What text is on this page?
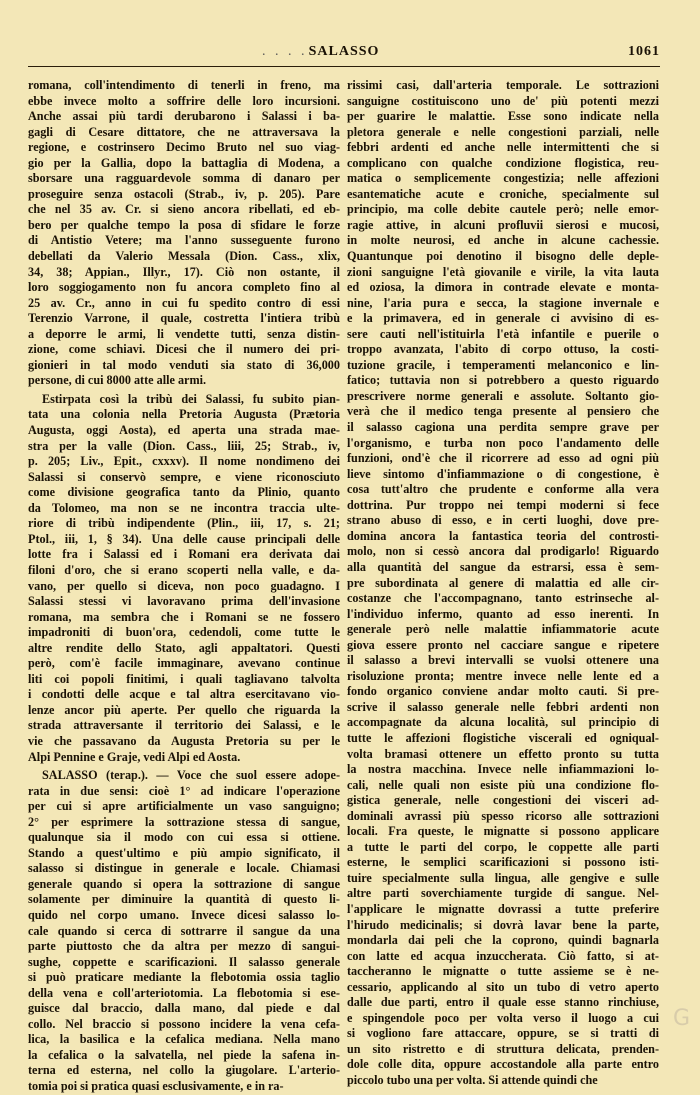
. . . . SALASSO	1061
romana, coll'intendimento di tenerli in freno, ma
ebbe invece molto a soffrire delle loro incursioni.
Anche assai più tardi derubarono i Salassi i ba-
gagli di Cesare dittatore, che ne attraversava la
regione, e costrinsero Decimo Bruto nel suo viag-
gio per la Gallia, dopo la battaglia di Modena, a
sborsare una ragguardevole somma di danaro per
proseguire senza ostacoli (Strab., iv, p. 205). Pare
che nel 35 av. Cr. si sieno ancora ribellati, ed eb-
bero per qualche tempo la posa di sfidare le forze
di Antistio Vetere; ma l'anno susseguente furono
debellati da Valerio Messala (Dion. Cass., xlix,
34, 38; Appian., Illyr., 17). Ciò non ostante, il
loro soggiogamento non fu ancora completo fino al
25 av. Cr., anno in cui fu spedito contro di essi
Terenzio Varrone, il quale, costretta l'intiera tribù
a deporre le armi, li vendette tutti, senza distin-
zione, come schiavi. Dicesi che il numero dei pri-
gionieri in tal modo venduti sia stato di 36,000
persone, di cui 8000 atte alle armi.
Estirpata così la tribù dei Salassi, fu subito pian-
tata una colonia nella Pretoria Augusta (Prætoria
Augusta, oggi Aosta), ed aperta una strada mae-
stra per la valle (Dion. Cass., liii, 25; Strab., iv,
p. 205; Liv., Epit., cxxxv). Il nome nondimeno dei
Salassi si conservò sempre, e viene riconosciuto
come divisione geografica tanto da Plinio, quanto
da Tolomeo, ma non se ne incontra traccia ulte-
riore di tribù indipendente (Plin., iii, 17, s. 21;
Ptol., iii, 1, § 34). Una delle cause principali delle
lotte fra i Salassi ed i Romani era derivata dai
filoni d'oro, che si erano scoperti nella valle, e da-
vano, per quello si diceva, non poco guadagno. I
Salassi stessi vi lavoravano prima dell'invasione
romana, ma sembra che i Romani se ne fossero
impadroniti di buon'ora, cedendoli, come tutte le
altre rendite dello Stato, agli appaltatori. Questi
però, com'è facile immaginare, avevano continue
liti coi popoli finitimi, i quali tagliavano talvolta
i condotti delle acque e tal altra esercitavano vio-
lenze ancor più aperte. Per quello che riguarda la
strada attraversante il territorio dei Salassi, e le
vie che passavano da Augusta Pretoria su per le
Alpi Pennine e Graje, vedi Alpi ed Aosta.
SALASSO (terap.). — Voce che suol essere adope-
rata in due sensi: cioè 1° ad indicare l'operazione
per cui si apre artificialmente un vaso sanguigno;
2° per esprimere la sottrazione stessa di sangue,
qualunque sia il modo con cui essa si ottiene.
Stando a quest'ultimo e più ampio significato, il
salasso si distingue in generale e locale. Chiamasi
generale quando si opera la sottrazione di sangue
solamente per diminuire la quantità di questo li-
quido nel corpo umano. Invece dicesi salasso lo-
cale quando si cerca di sottrarre il sangue da una
parte piuttosto che da altra per mezzo di sangui-
sughe, coppette e scarificazioni. Il salasso generale
si può praticare mediante la flebotomia ossia taglio
della vena e coll'arteriotomia. La flebotomia si ese-
guisce dal braccio, dalla mano, dal piede e dal
collo. Nel braccio si possono incidere la vena cefa-
lica, la basilica e la cefalica mediana. Nella mano
la cefalica o la salvatella, nel piede la safena in-
terna ed esterna, nel collo la giugolare. L'arterio-
tomia poi si pratica quasi esclusivamente, e in ra-
rissimi casi, dall'arteria temporale. Le sottrazioni
sanguigne costituiscono uno de' più potenti mezzi
per guarire le malattie. Esse sono indicate nella
pletora generale e nelle congestioni parziali, nelle
febbri ardenti ed anche nelle intermittenti che si
complicano con qualche condizione flogistica, reu-
matica o semplicemente congestizia; nelle affezioni
esantematiche acute e croniche, specialmente sul
principio, ma colle debite cautele però; nelle emor-
ragie attive, in alcuni profluvii sierosi e mucosi,
in molte neurosi, ed anche in alcune cachessie.
Quantunque poi denotino il bisogno delle deple-
zioni sanguigne l'età giovanile e virile, la vita lauta
ed oziosa, la dimora in contrade elevate e monta-
nine, l'aria pura e secca, la stagione invernale e
e la primavera, ed in generale ci avvisino di es-
sere cauti nell'istituirla l'età infantile e puerile o
troppo avanzata, l'abito di corpo ottuso, la costi-
tuzione gracile, i temperamenti melanconico e lin-
fatico; tuttavia non si potrebbero a questo riguardo
prescrivere norme generali e assolute. Soltanto gio-
verà che il medico tenga presente al pensiero che
il salasso cagiona una perdita sempre grave per
l'organismo, e turba non poco l'andamento delle
funzioni, ond'è che il ricorrere ad esso ad ogni più
lieve sintomo d'infiammazione o di congestione, è
cosa tutt'altro che prudente e conforme alla vera
dottrina. Pur troppo nei tempi moderni si fece
strano abuso di esso, e in certi luoghi, dove pre-
domina ancora la fantastica teoria del controsti-
molo, non si cessò ancora dal prodigarlo! Riguardo
alla quantità del sangue da estrarsi, essa è sem-
pre subordinata al genere di malattia ed alle cir-
costanze che l'accompagnano, tanto estrinseche al-
l'individuo infermo, quanto ad esso inerenti. In
generale però nelle malattie infiammatorie acute
giova essere pronto nel cacciare sangue e ripetere
il salasso a brevi intervalli se vuolsi ottenere una
risoluzione pronta; mentre invece nelle lente ed a
fondo organico conviene andar molto cauti. Si pre-
scrive il salasso generale nelle febbri ardenti non
accompagnate da alcuna località, sul principio di
tutte le affezioni flogistiche viscerali ed ogniqual-
volta bramasi ottenere un effetto pronto su tutta
la nostra macchina. Invece nelle infiammazioni lo-
cali, nelle quali non esiste più una condizione flo-
gistica generale, nelle congestioni dei visceri ad-
dominali avrassi più spesso ricorso alle sottrazioni
locali. Fra queste, le mignatte si possono applicare
a tutte le parti del corpo, le coppette alle parti
esterne, le semplici scarificazioni si possono isti-
tuire specialmente sulla lingua, alle gengive e sulle
altre parti soverchiamente turgide di sangue. Nel-
l'applicare le mignatte dovrassi a tutte preferire
l'hirudo medicinalis; si dovrà lavar bene la parte,
mondarla dai peli che la coprono, quindi bagnarla
con latte ed acqua inzuccherata. Ciò fatto, si at-
taccheranno le mignatte o tutte assieme se è ne-
cessario, applicando al sito un tubo di vetro aperto
dalle due parti, entro il quale esse stanno rinchiuse,
e spingendole poco per volta verso il luogo a cui
si vogliono fare attaccare, oppure, se si tratti di
un sito ristretto e di struttura delicata, prenden-
dole colle dita, oppure accostandole alla parte entro
piccolo tubo una per volta. Si attende quindi che
G
